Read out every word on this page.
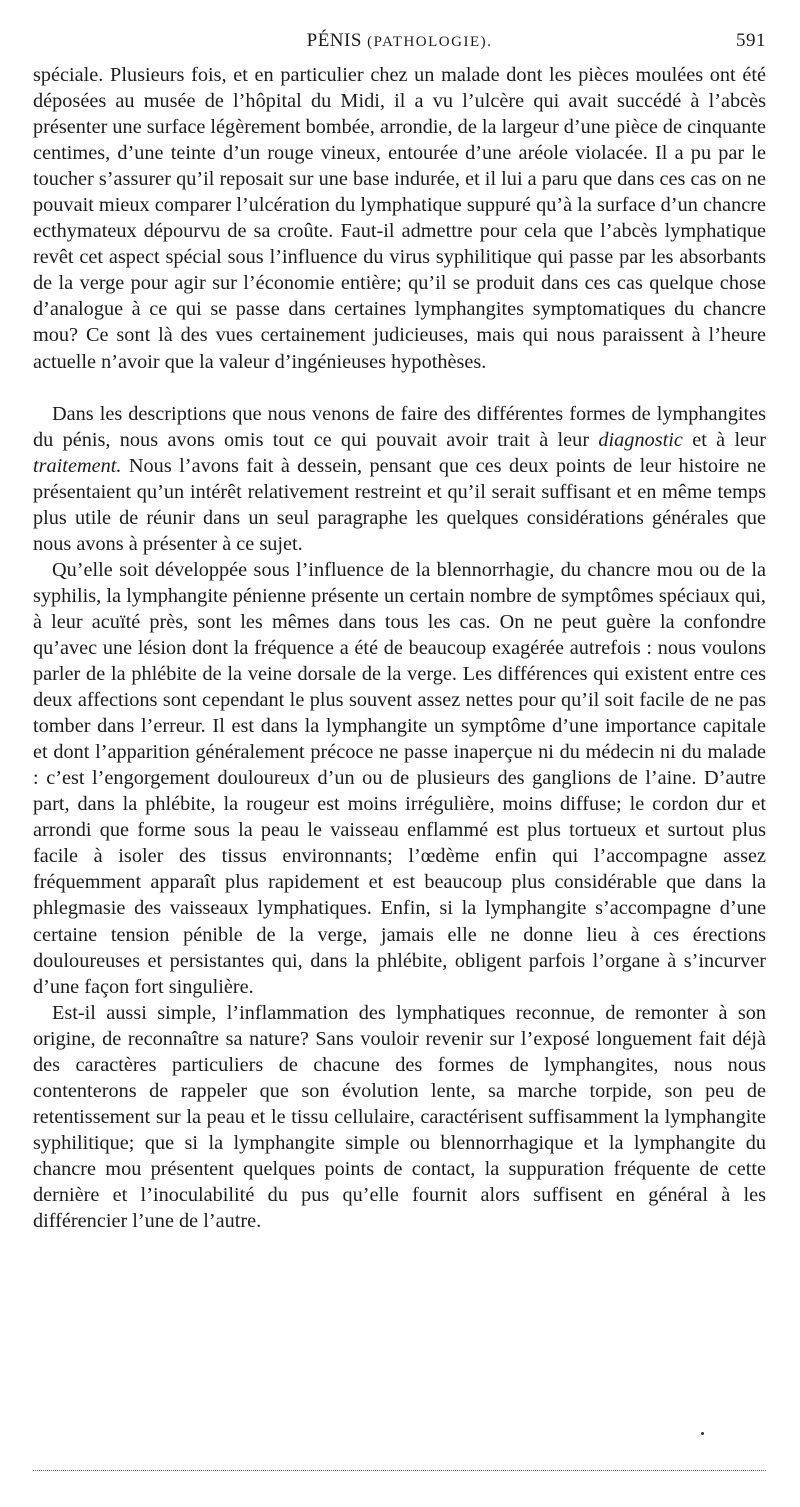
PÉNIS (PATHOLOGIE).	591

spéciale. Plusieurs fois, et en particulier chez un malade dont les pièces moulées ont été déposées au musée de l’hôpital du Midi, il a vu l’ulcère qui avait succédé à l’abcès présenter une surface légèrement bombée, arrondie, de la largeur d’une pièce de cinquante centimes, d’une teinte d’un rouge vineux, entourée d’une aréole violacée. Il a pu par le toucher s’assurer qu’il reposait sur une base indurée, et il lui a paru que dans ces cas on ne pouvait mieux comparer l’ulcération du lymphatique suppuré qu’à la surface d’un chancre ecthymateux dépourvu de sa croûte. Faut-il admettre pour cela que l’abcès lymphatique revêt cet aspect spécial sous l’influence du virus syphilitique qui passe par les absorbants de la verge pour agir sur l’économie entière; qu’il se produit dans ces cas quelque chose d’analogue à ce qui se passe dans certaines lymphangites symptomatiques du chancre mou? Ce sont là des vues certainement judicieuses, mais qui nous paraissent à l’heure actuelle n’avoir que la valeur d’ingénieuses hypothèses.

Dans les descriptions que nous venons de faire des différentes formes de lymphangites du pénis, nous avons omis tout ce qui pouvait avoir trait à leur diagnostic et à leur traitement. Nous l’avons fait à dessein, pensant que ces deux points de leur histoire ne présentaient qu’un intérêt relativement restreint et qu’il serait suffisant et en même temps plus utile de réunir dans un seul paragraphe les quelques considérations générales que nous avons à présenter à ce sujet.

Qu’elle soit développée sous l’influence de la blennorrhagie, du chancre mou ou de la syphilis, la lymphangite pénienne présente un certain nombre de symptômes spéciaux qui, à leur acuïté près, sont les mêmes dans tous les cas. On ne peut guère la confondre qu’avec une lésion dont la fréquence a été de beaucoup exagérée autrefois : nous voulons parler de la phlébite de la veine dorsale de la verge. Les différences qui existent entre ces deux affections sont cependant le plus souvent assez nettes pour qu’il soit facile de ne pas tomber dans l’erreur. Il est dans la lymphangite un symptôme d’une importance capitale et dont l’apparition généralement précoce ne passe inaperçue ni du médecin ni du malade : c’est l’engorgement douloureux d’un ou de plusieurs des ganglions de l’aine. D’autre part, dans la phlébite, la rougeur est moins irrégulière, moins diffuse; le cordon dur et arrondi que forme sous la peau le vaisseau enflammé est plus tortueux et surtout plus facile à isoler des tissus environnants; l’œdème enfin qui l’accompagne assez fréquemment apparaît plus rapidement et est beaucoup plus considérable que dans la phlegmasie des vaisseaux lymphatiques. Enfin, si la lymphangite s’accompagne d’une certaine tension pénible de la verge, jamais elle ne donne lieu à ces érections douloureuses et persistantes qui, dans la phlébite, obligent parfois l’organe à s’incurver d’une façon fort singulière.

Est-il aussi simple, l’inflammation des lymphatiques reconnue, de remonter à son origine, de reconnaître sa nature? Sans vouloir revenir sur l’exposé longuement fait déjà des caractères particuliers de chacune des formes de lymphangites, nous nous contenterons de rappeler que son évolution lente, sa marche torpide, son peu de retentissement sur la peau et le tissu cellulaire, caractérisent suffisamment la lymphangite syphilitique; que si la lymphangite simple ou blennorrhagique et la lymphangite du chancre mou présentent quelques points de contact, la suppuration fréquente de cette dernière et l’inoculabilité du pus qu’elle fournit alors suffisent en général à les différencier l’une de l’autre.
